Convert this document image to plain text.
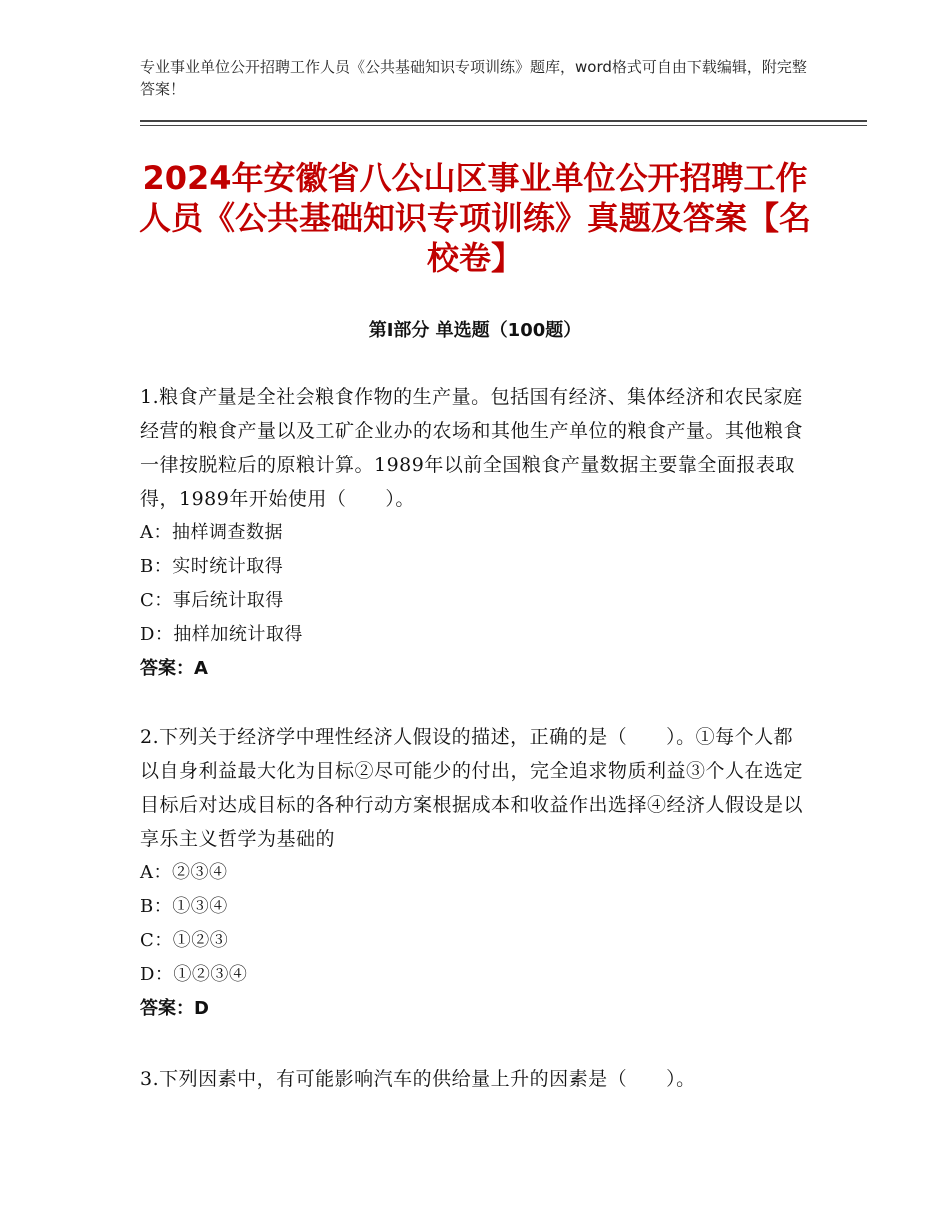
专业事业单位公开招聘工作人员《公共基础知识专项训练》题库，word格式可自由下载编辑，附完整答案！
2024年安徽省八公山区事业单位公开招聘工作人员《公共基础知识专项训练》真题及答案【名校卷】
第Ⅰ部分 单选题（100题）

1.粮食产量是全社会粮食作物的生产量。包括国有经济、集体经济和农民家庭经营的粮食产量以及工矿企业办的农场和其他生产单位的粮食产量。其他粮食一律按脱粒后的原粮计算。1989年以前全国粮食产量数据主要靠全面报表取得，1989年开始使用（　　）。

A：抽样调查数据

B：实时统计取得

C：事后统计取得

D：抽样加统计取得

答案：A

2.下列关于经济学中理性经济人假设的描述，正确的是（　　）。①每个人都以自身利益最大化为目标②尽可能少的付出，完全追求物质利益③个人在选定目标后对达成目标的各种行动方案根据成本和收益作出选择④经济人假设是以享乐主义哲学为基础的

A：②③④

B：①③④

C：①②③

D：①②③④

答案：D

3.下列因素中，有可能影响汽车的供给量上升的因素是（　　）。
